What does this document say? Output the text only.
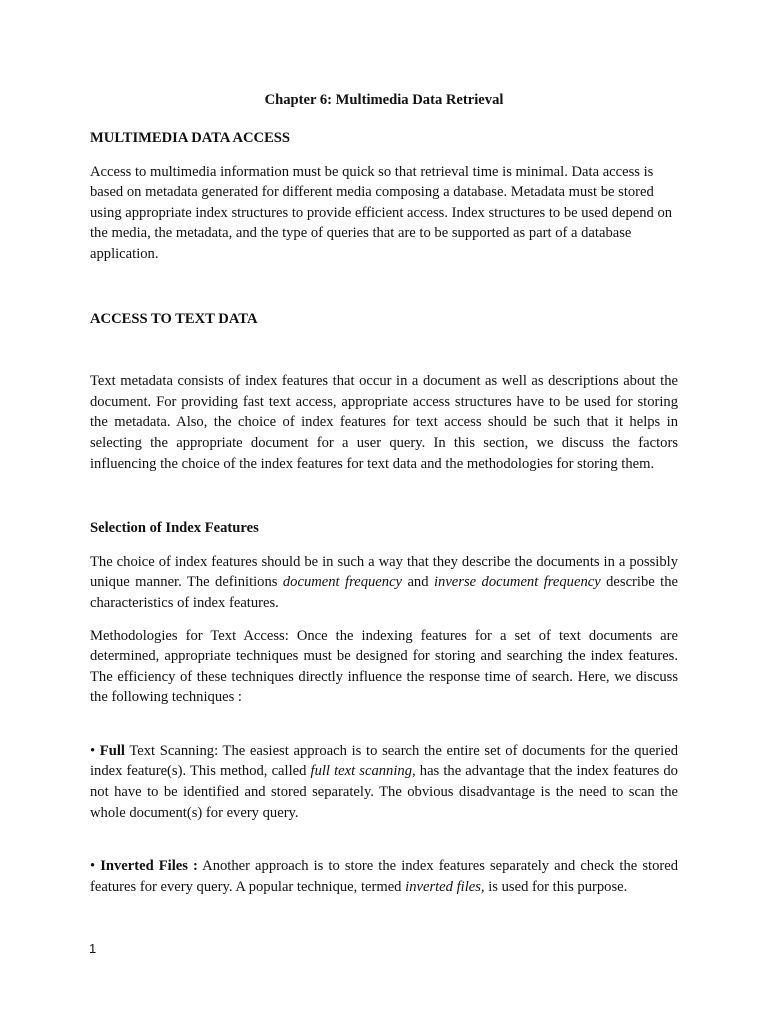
Chapter 6: Multimedia Data Retrieval
MULTIMEDIA DATA ACCESS

Access to multimedia information must be quick so that retrieval time is minimal. Data access is based on metadata generated for different media composing a database. Metadata must be stored using appropriate index structures to provide efficient access. Index structures to be used depend on the media, the metadata, and the type of queries that are to be supported as part of a database application.

ACCESS TO TEXT DATA

Text metadata consists of index features that occur in a document as well as descriptions about the document. For providing fast text access, appropriate access structures have to be used for storing the metadata. Also, the choice of index features for text access should be such that it helps in selecting the appropriate document for a user query. In this section, we discuss the factors influencing the choice of the index features for text data and the methodologies for storing them.

Selection of Index Features

The choice of index features should be in such a way that they describe the documents in a possibly unique manner. The definitions document frequency and inverse document frequency describe the characteristics of index features.

Methodologies for Text Access: Once the indexing features for a set of text documents are determined, appropriate techniques must be designed for storing and searching the index features. The efficiency of these techniques directly influence the response time of search. Here, we discuss the following techniques :

• Full Text Scanning: The easiest approach is to search the entire set of documents for the queried index feature(s). This method, called full text scanning, has the advantage that the index features do not have to be identified and stored separately. The obvious disadvantage is the need to scan the whole document(s) for every query.

• Inverted Files : Another approach is to store the index features separately and check the stored features for every query. A popular technique, termed inverted files, is used for this purpose.

1
